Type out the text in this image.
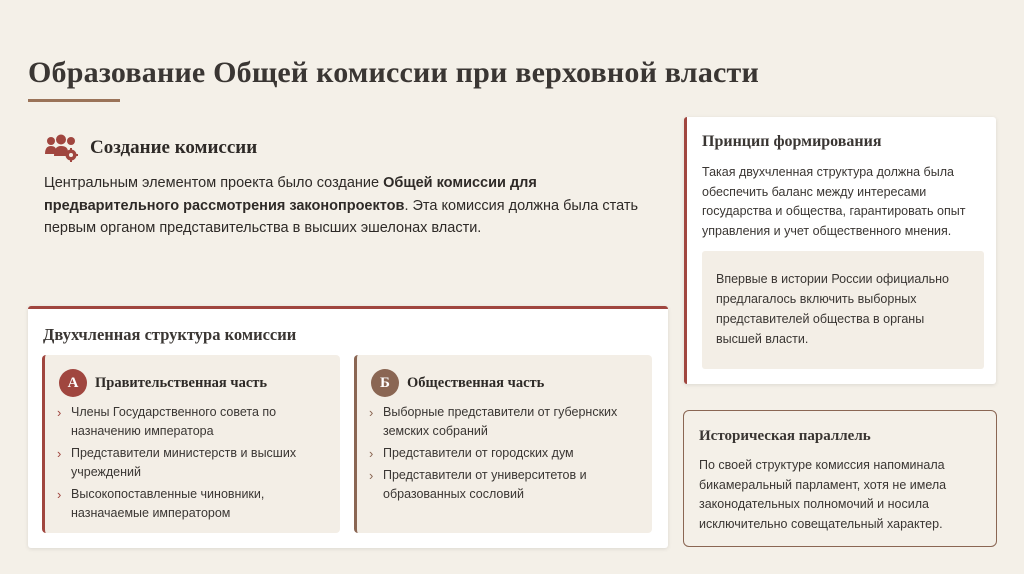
Образование Общей комиссии при верховной власти
Создание комиссии

Центральным элементом проекта было создание Общей комиссии для предварительного рассмотрения законопроектов. Эта комиссия должна была стать первым органом представительства в высших эшелонах власти.

Двухчленная структура комиссии
А	Правительственная часть
› Члены Государственного совета по назначению императора
› Представители министерств и высших учреждений
› Высокопоставленные чиновники, назначаемые императором
Б	Общественная часть
› Выборные представители от губернских земских собраний
› Представители от городских дум
› Представители от университетов и образованных сословий
Принцип формирования

Такая двухчленная структура должна была обеспечить баланс между интересами государства и общества, гарантировать опыт управления и учет общественного мнения.

Впервые в истории России официально предлагалось включить выборных представителей общества в органы высшей власти.
Историческая параллель

По своей структуре комиссия напоминала бикамеральный парламент, хотя не имела законодательных полномочий и носила исключительно совещательный характер.
